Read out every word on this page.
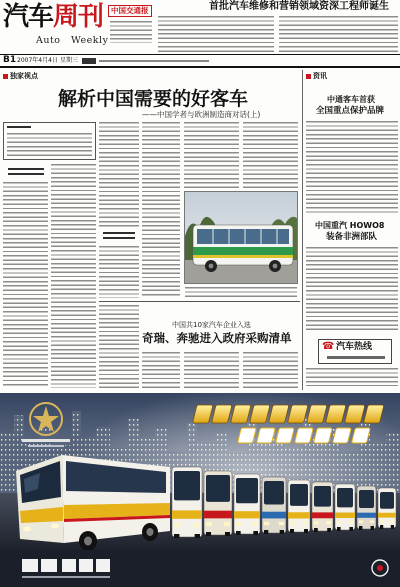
汽车周刊
Auto Weekly
中国交通报	首批汽车维修和营销领域资深工程师诞生
B1 2007年4月4日 星期三
独家视点
解析中国需要的好客车
——中国学者与欧洲制造商对话(上)
中国共10家汽车企业入选
奇瑞、奔驰进入政府采购清单
资讯
中通客车首获
全国重点保护品牌
中国重汽 HOWO8
装备非洲部队
☎ 汽车热线
